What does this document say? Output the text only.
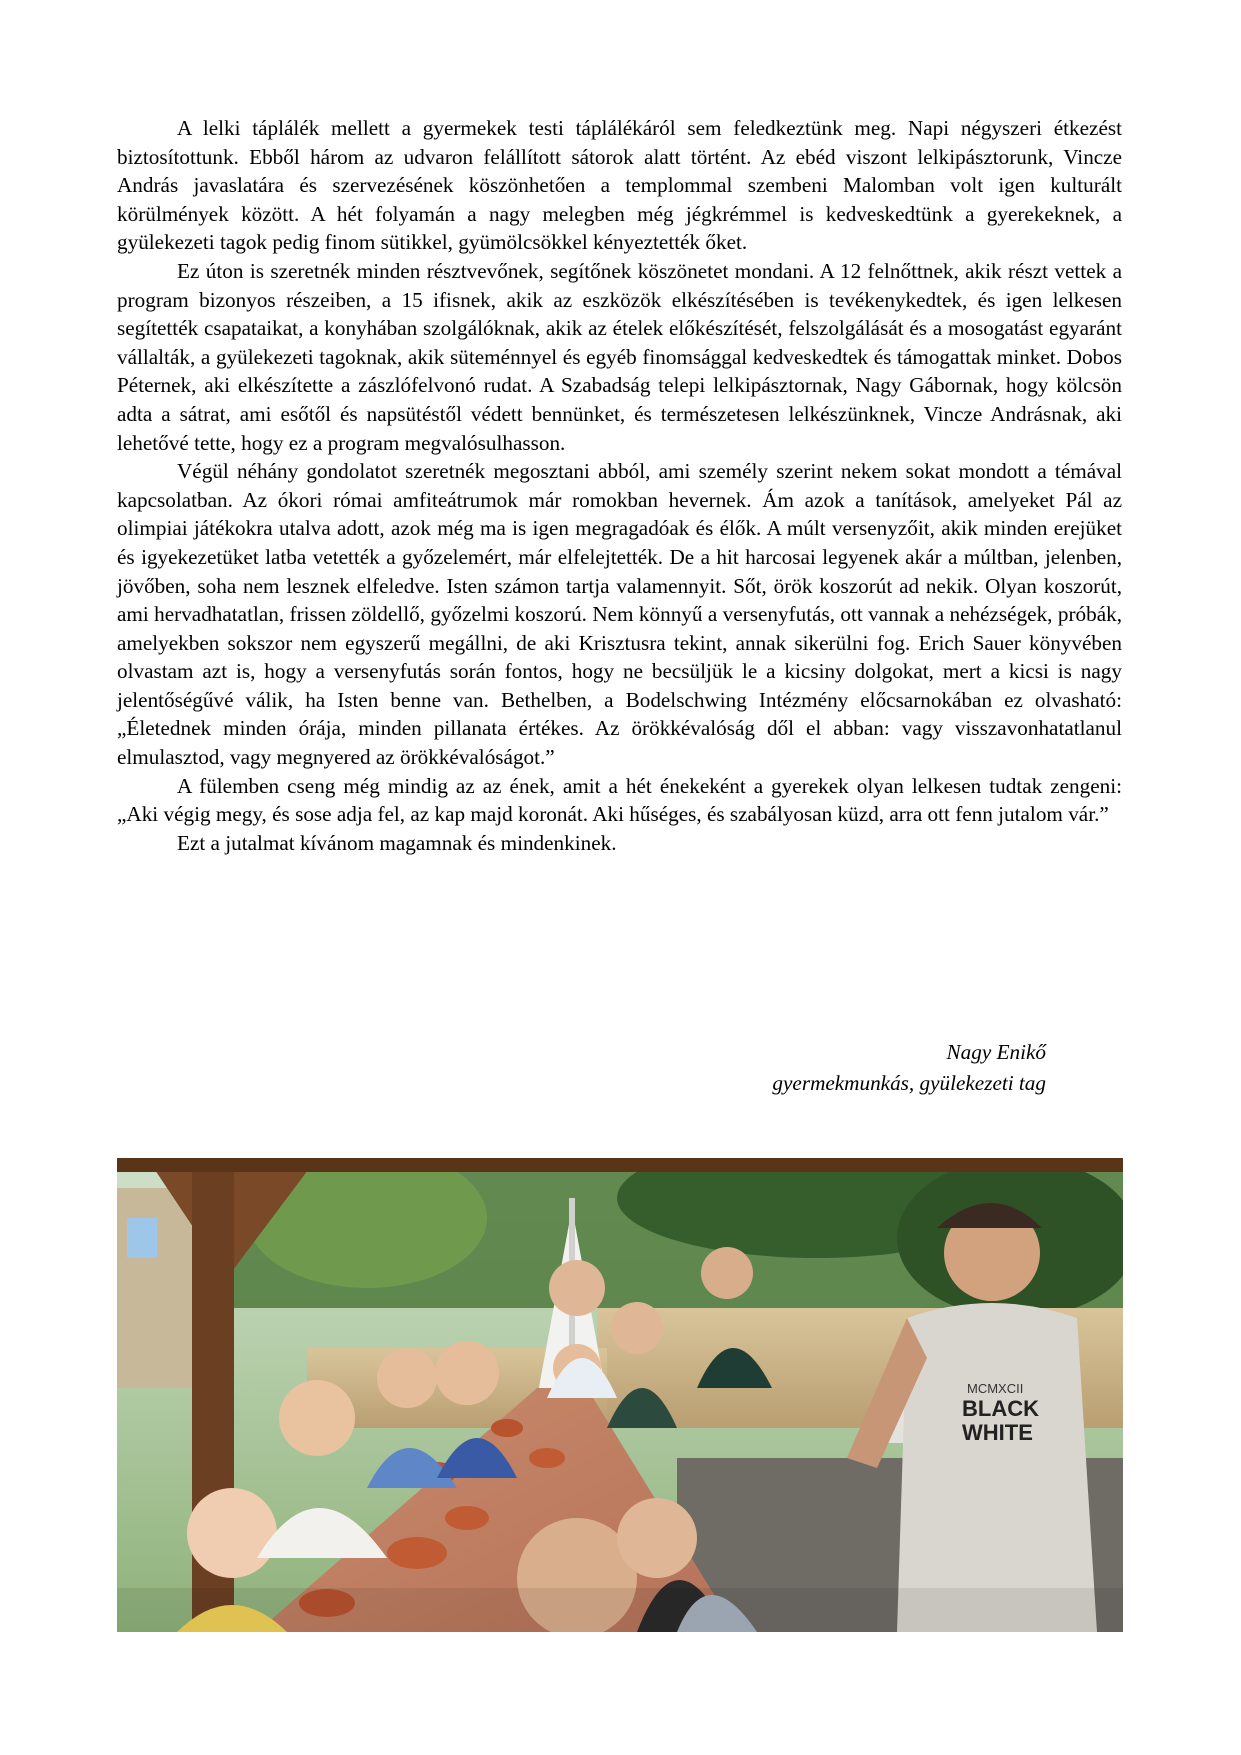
A lelki táplálék mellett a gyermekek testi táplálékáról sem feledkeztünk meg. Napi négyszeri étkezést biztosítottunk. Ebből három az udvaron felállított sátorok alatt történt. Az ebéd viszont lelkipásztorunk, Vincze András javaslatára és szervezésének köszönhetően a templommal szembeni Malomban volt igen kulturált körülmények között. A hét folyamán a nagy melegben még jégkrémmel is kedveskedtünk a gyerekeknek, a gyülekezeti tagok pedig finom sütikkel, gyümölcsökkel kényeztették őket.

Ez úton is szeretnék minden résztvevőnek, segítőnek köszönetet mondani. A 12 felnőttnek, akik részt vettek a program bizonyos részeiben, a 15 ifisnek, akik az eszközök elkészítésében is tevékenykedtek, és igen lelkesen segítették csapataikat, a konyhában szolgálóknak, akik az ételek előkészítését, felszolgálását és a mosogatást egyaránt vállalták, a gyülekezeti tagoknak, akik süteménnyel és egyéb finomsággal kedveskedtek és támogattak minket. Dobos Péternek, aki elkészítette a zászlófelvonó rudat. A Szabadság telepi lelkipásztornak, Nagy Gábornak, hogy kölcsön adta a sátrat, ami esőtől és napsütéstől védett bennünket, és természetesen lelkészünknek, Vincze Andrásnak, aki lehetővé tette, hogy ez a program megvalósulhasson.

Végül néhány gondolatot szeretnék megosztani abból, ami személy szerint nekem sokat mondott a témával kapcsolatban. Az ókori római amfiteátrumok már romokban hevernek. Ám azok a tanítások, amelyeket Pál az olimpiai játékokra utalva adott, azok még ma is igen megragadóak és élők. A múlt versenyzőit, akik minden erejüket és igyekezetüket latba vetették a győzelemért, már elfelejtették. De a hit harcosai legyenek akár a múltban, jelenben, jövőben, soha nem lesznek elfeledve. Isten számon tartja valamennyit. Sőt, örök koszorút ad nekik. Olyan koszorút, ami hervadhatatlan, frissen zöldellő, győzelmi koszorú. Nem könnyű a versenyfutás, ott vannak a nehézségek, próbák, amelyekben sokszor nem egyszerű megállni, de aki Krisztusra tekint, annak sikerülni fog. Erich Sauer könyvében olvastam azt is, hogy a versenyfutás során fontos, hogy ne becsüljük le a kicsiny dolgokat, mert a kicsi is nagy jelentőségűvé válik, ha Isten benne van. Bethelben, a Bodelschwing Intézmény előcsarnokában ez olvasható: „Életednek minden órája, minden pillanata értékes. Az örökkévalóság dől el abban: vagy visszavonhatatlanul elmulasztod, vagy megnyered az örökkévalóságot.”

A fülemben cseng még mindig az az ének, amit a hét énekeként a gyerekek olyan lelkesen tudtak zengeni: „Aki végig megy, és sose adja fel, az kap majd koronát. Aki hűséges, és szabályosan küzd, arra ott fenn jutalom vár.”

Ezt a jutalmat kívánom magamnak és mindenkinek.

Nagy Enikő
gyermekmunkás, gyülekezeti tag
MCMXCII
BLACK
WHITE
